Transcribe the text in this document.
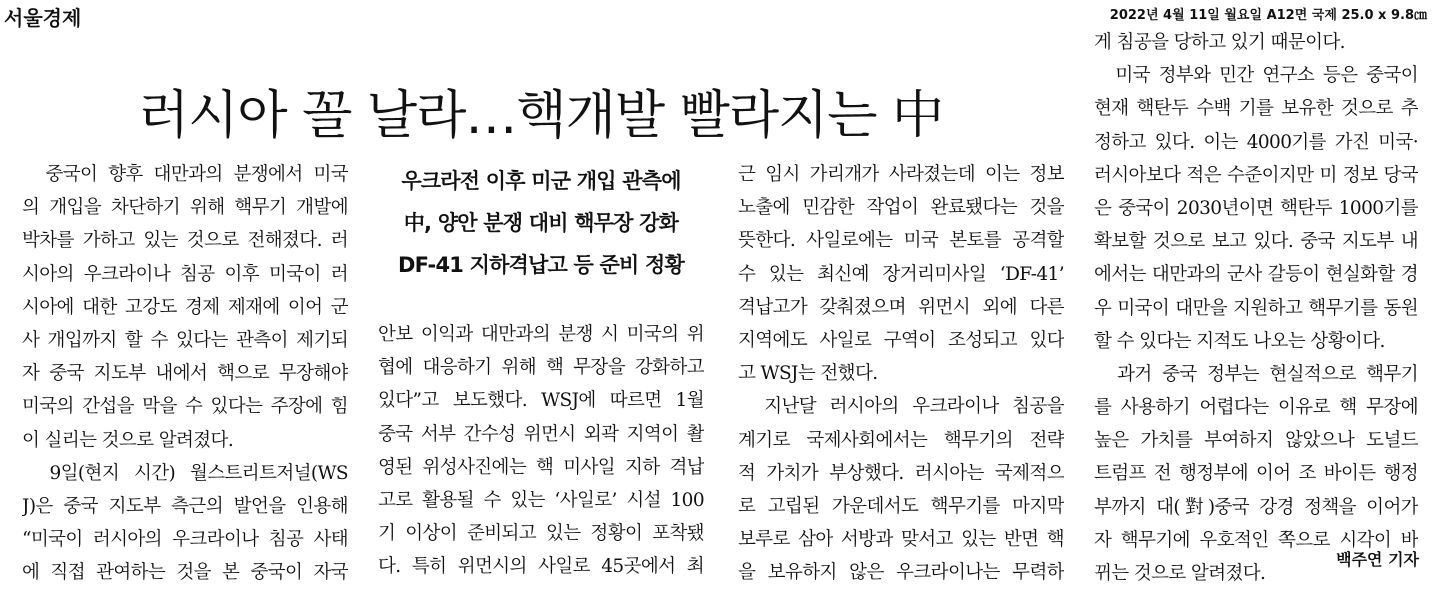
서울경제	2022년 4월 11일 월요일 A12면 국제 25.0 x 9.8㎝
러시아 꼴 날라…핵개발 빨라지는 中
우크라전 이후 미군 개입 관측에
中, 양안 분쟁 대비 핵무장 강화
DF-41 지하격납고 등 준비 정황
　중국이 향후 대만과의 분쟁에서 미국
의 개입을 차단하기 위해 핵무기 개발에
박차를 가하고 있는 것으로 전해졌다. 러
시아의 우크라이나 침공 이후 미국이 러
시아에 대한 고강도 경제 제재에 이어 군
사 개입까지 할 수 있다는 관측이 제기되
자 중국 지도부 내에서 핵으로 무장해야
미국의 간섭을 막을 수 있다는 주장에 힘
이 실리는 것으로 알려졌다.
　9일(현지 시간) 월스트리트저널(WS
J)은 중국 지도부 측근의 발언을 인용해
“미국이 러시아의 우크라이나 침공 사태
에 직접 관여하는 것을 본 중국이 자국
안보 이익과 대만과의 분쟁 시 미국의 위
협에 대응하기 위해 핵 무장을 강화하고
있다”고 보도했다. WSJ에 따르면 1월
중국 서부 간수성 위먼시 외곽 지역이 촬
영된 위성사진에는 핵 미사일 지하 격납
고로 활용될 수 있는 ‘사일로’ 시설 100
기 이상이 준비되고 있는 정황이 포착됐
다. 특히 위먼시의 사일로 45곳에서 최
근 임시 가리개가 사라졌는데 이는 정보
노출에 민감한 작업이 완료됐다는 것을
뜻한다. 사일로에는 미국 본토를 공격할
수 있는 최신예 장거리미사일 ‘DF-41’
격납고가 갖춰졌으며 위먼시 외에 다른
지역에도 사일로 구역이 조성되고 있다
고 WSJ는 전했다.
　지난달 러시아의 우크라이나 침공을
계기로 국제사회에서는 핵무기의 전략
적 가치가 부상했다. 러시아는 국제적으
로 고립된 가운데서도 핵무기를 마지막
보루로 삼아 서방과 맞서고 있는 반면 핵
을 보유하지 않은 우크라이나는 무력하
게 침공을 당하고 있기 때문이다.
　미국 정부와 민간 연구소 등은 중국이
현재 핵탄두 수백 기를 보유한 것으로 추
정하고 있다. 이는 4000기를 가진 미국·
러시아보다 적은 수준이지만 미 정보 당국
은 중국이 2030년이면 핵탄두 1000기를
확보할 것으로 보고 있다. 중국 지도부 내
에서는 대만과의 군사 갈등이 현실화할 경
우 미국이 대만을 지원하고 핵무기를 동원
할 수 있다는 지적도 나오는 상황이다.
　과거 중국 정부는 현실적으로 핵무기
를 사용하기 어렵다는 이유로 핵 무장에
높은 가치를 부여하지 않았으나 도널드
트럼프 전 행정부에 이어 조 바이든 행정
부까지 대(對)중국 강경 정책을 이어가
자 핵무기에 우호적인 쪽으로 시각이 바
뀌는 것으로 알려졌다.
백주연 기자
